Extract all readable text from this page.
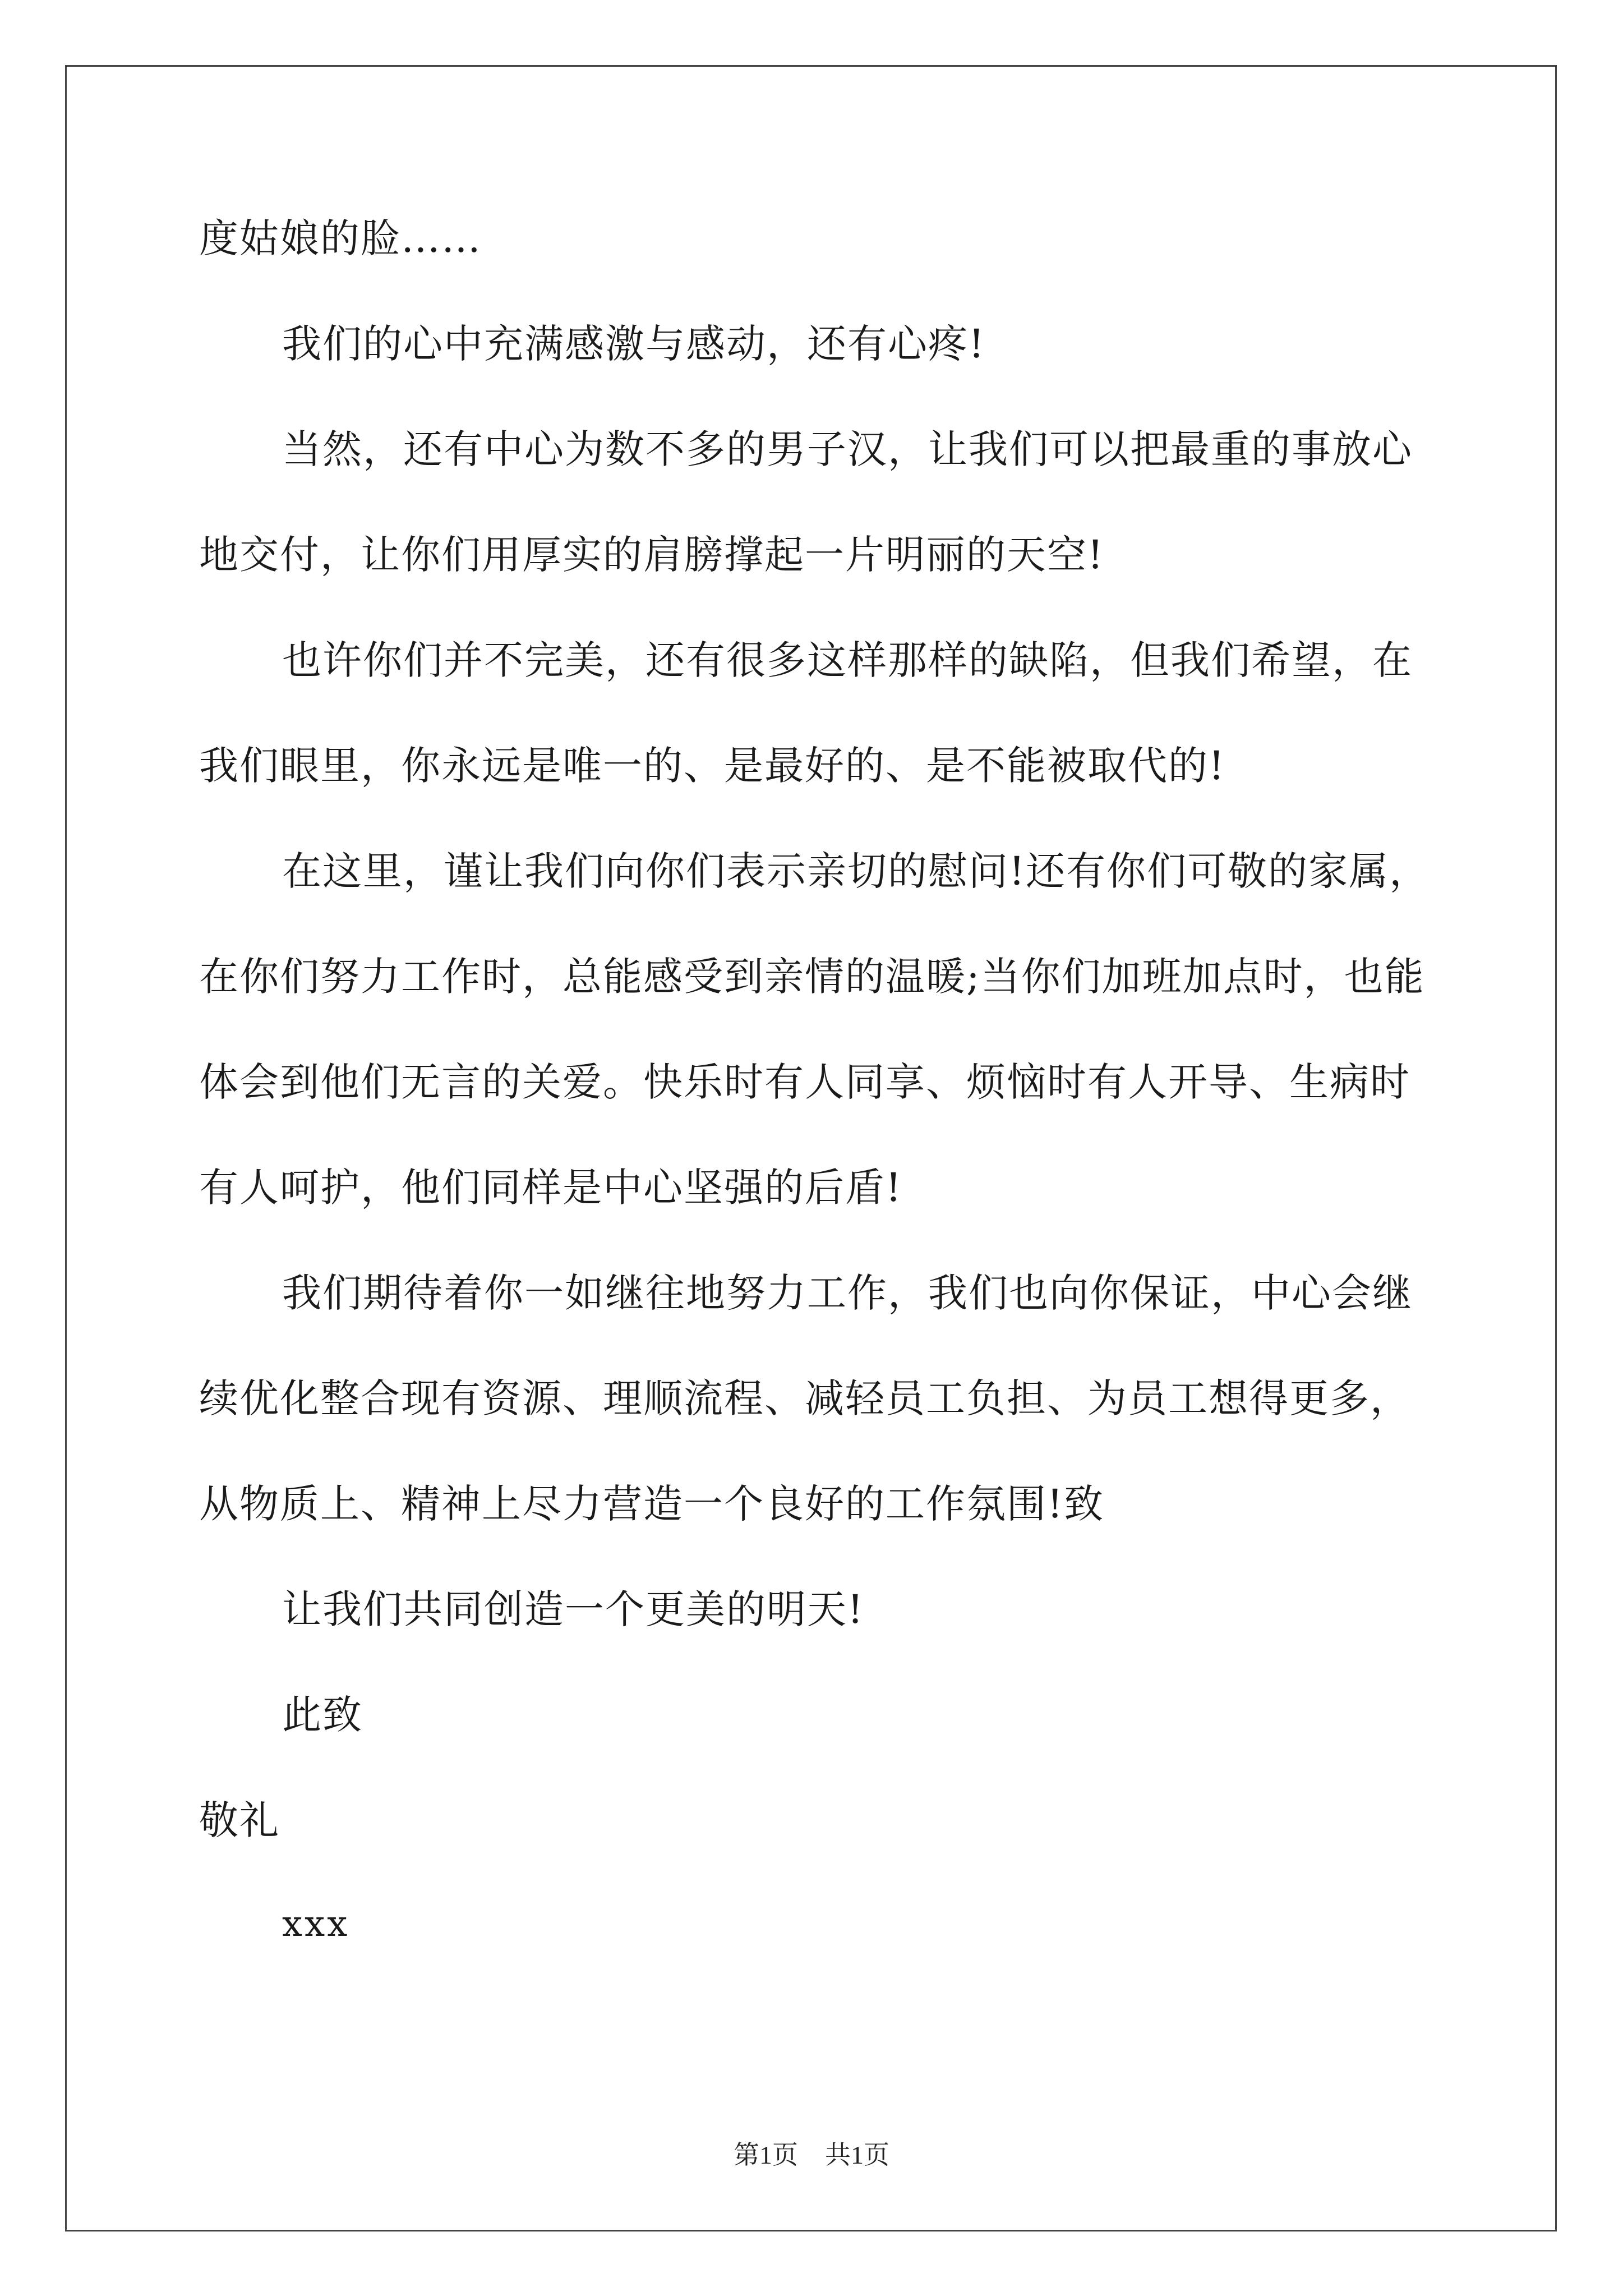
度姑娘的脸……
我们的心中充满感激与感动，还有心疼!
当然，还有中心为数不多的男子汉，让我们可以把最重的事放心
地交付，让你们用厚实的肩膀撑起一片明丽的天空!
也许你们并不完美，还有很多这样那样的缺陷，但我们希望，在
我们眼里，你永远是唯一的、是最好的、是不能被取代的!
在这里，谨让我们向你们表示亲切的慰问!还有你们可敬的家属，
在你们努力工作时，总能感受到亲情的温暖;当你们加班加点时，也能
体会到他们无言的关爱。快乐时有人同享、烦恼时有人开导、生病时
有人呵护，他们同样是中心坚强的后盾!
我们期待着你一如继往地努力工作，我们也向你保证，中心会继
续优化整合现有资源、理顺流程、减轻员工负担、为员工想得更多，
从物质上、精神上尽力营造一个良好的工作氛围!致
让我们共同创造一个更美的明天!
此致
敬礼
xxx
第1页 共1页
